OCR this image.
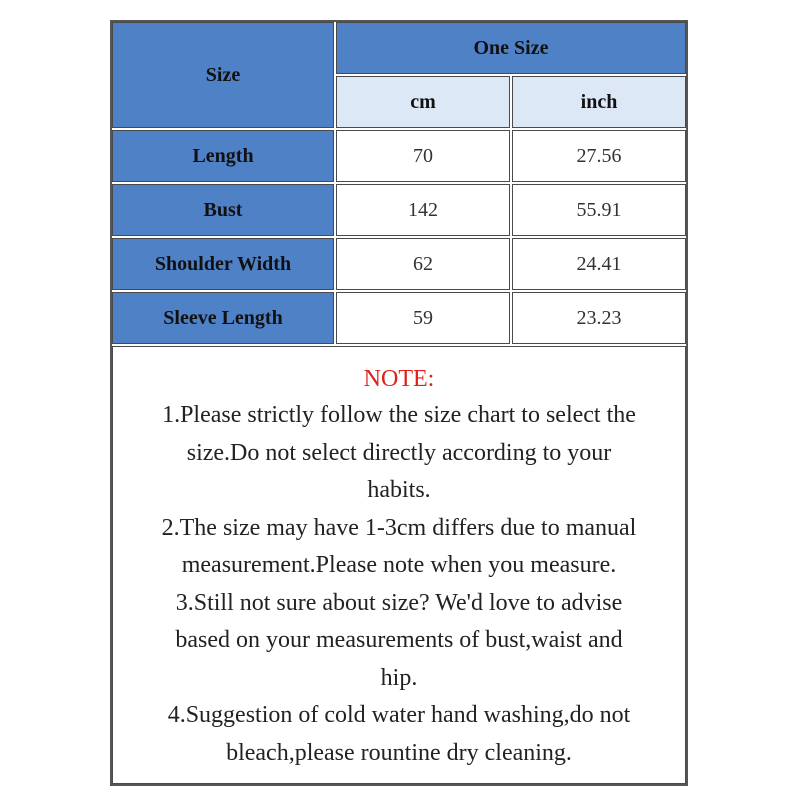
Size
One Size
cm	inch
Length	70	27.56
Bust	142	55.91
Shoulder Width	62	24.41
Sleeve Length	59	23.23
NOTE:
1.Please strictly follow the size chart to select the
size.Do not select directly according to your
habits.
2.The size may have 1-3cm differs due to manual
measurement.Please note when you measure.
3.Still not sure about size? We'd love to advise
based on your measurements of bust,waist and
hip.
4.Suggestion of cold water hand washing,do not
bleach,please rountine dry cleaning.
